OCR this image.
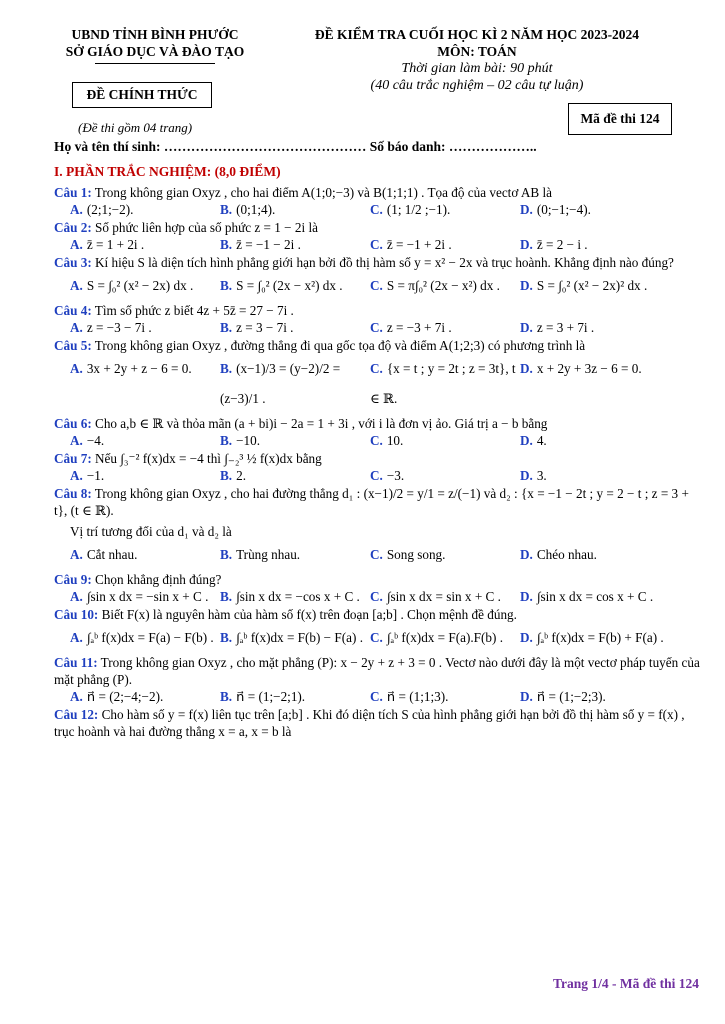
UBND TỈNH BÌNH PHƯỚC
SỞ GIÁO DỤC VÀ ĐÀO TẠO
ĐỀ CHÍNH THỨC
(Đề thi gồm 04 trang)
ĐỀ KIỂM TRA CUỐI HỌC KÌ 2 NĂM HỌC 2023-2024
MÔN: TOÁN
Thời gian làm bài: 90 phút
(40 câu trắc nghiệm – 02 câu tự luận)
Mã đề thi 124
Họ và tên thí sinh: ……………………………………… Số báo danh: ………………..
I. PHẦN TRẮC NGHIỆM: (8,0 ĐIỂM)
Câu 1: Trong không gian Oxyz , cho hai điểm A(1;0;−3) và B(1;1;1) . Tọa độ của vectơ AB là
A. (2;1;−2).	B. (0;1;4).	C. (1; 1/2 ;−1).	D. (0;−1;−4).
Câu 2: Số phức liên hợp của số phức z = 1 − 2i là
A. z̄ = 1 + 2i .	B. z̄ = −1 − 2i .	C. z̄ = −1 + 2i .	D. z̄ = 2 − i .
Câu 3: Kí hiệu S là diện tích hình phẳng giới hạn bởi đồ thị hàm số y = x² − 2x và trục hoành. Khẳng định nào đúng?
A. S = ∫₀² (x² − 2x) dx .	B. S = ∫₀² (2x − x²) dx .	C. S = π∫₀² (2x − x²) dx .	D. S = ∫₀² (x² − 2x)² dx .
Câu 4: Tìm số phức z biết 4z + 5z̄ = 27 − 7i .
A. z = −3 − 7i .	B. z = 3 − 7i .	C. z = −3 + 7i .	D. z = 3 + 7i .
Câu 5: Trong không gian Oxyz , đường thẳng đi qua gốc tọa độ và điểm A(1;2;3) có phương trình là
A. 3x + 2y + z − 6 = 0.	B. (x−1)/3 = (y−2)/2 = (z−3)/1 .
C. {x = t ; y = 2t ; z = 3t}, t ∈ ℝ.
D. x + 2y + 3z − 6 = 0.
Câu 6: Cho a,b ∈ ℝ và thỏa mãn (a + bi)i − 2a = 1 + 3i , với i là đơn vị ảo. Giá trị a − b bằng
A. −4.	B. −10.	C. 10.	D. 4.
Câu 7: Nếu ∫₃⁻² f(x)dx = −4 thì ∫₋₂³ ½ f(x)dx bằng
A. −1.	B. 2.	C. −3.	D. 3.
Câu 8: Trong không gian Oxyz , cho hai đường thẳng d₁ : (x−1)/2 = y/1 = z/(−1) và d₂ : {x = −1 − 2t ; y = 2 − t ; z = 3 + t}, (t ∈ ℝ).
Vị trí tương đối của d₁ và d₂ là
A. Cắt nhau.	B. Trùng nhau.	C. Song song.	D. Chéo nhau.
Câu 9: Chọn khẳng định đúng?
A. ∫sin x dx = −sin x + C . B. ∫sin x dx = −cos x + C . C. ∫sin x dx = sin x + C .	D. ∫sin x dx = cos x + C .
Câu 10: Biết F(x) là nguyên hàm của hàm số f(x) trên đoạn [a;b] . Chọn mệnh đề đúng.
A. ∫ₐᵇ f(x)dx = F(a) − F(b) . B. ∫ₐᵇ f(x)dx = F(b) − F(a) . C. ∫ₐᵇ f(x)dx = F(a).F(b) .	D. ∫ₐᵇ f(x)dx = F(b) + F(a) .
Câu 11: Trong không gian Oxyz , cho mặt phẳng (P): x − 2y + z + 3 = 0 . Vectơ nào dưới đây là một vectơ pháp tuyến của mặt phẳng (P).
A. n⃗ = (2;−4;−2).	B. n⃗ = (1;−2;1).	C. n⃗ = (1;1;3).	D. n⃗ = (1;−2;3).
Câu 12: Cho hàm số y = f(x) liên tục trên [a;b] . Khi đó diện tích S của hình phẳng giới hạn bởi đồ thị hàm số y = f(x) , trục hoành và hai đường thẳng x = a, x = b là
Trang 1/4 - Mã đề thi 124
